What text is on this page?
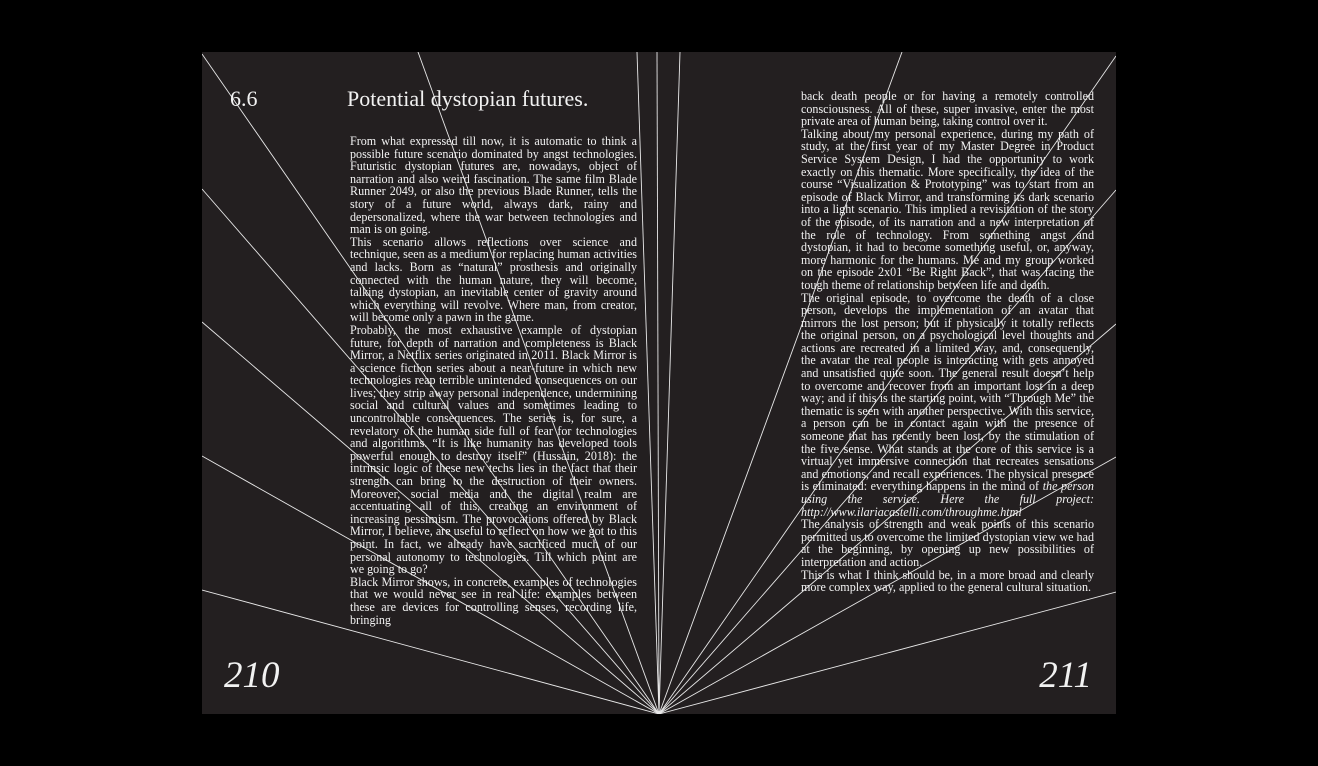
6.6	Potential dystopian futures.

From what expressed till now, it is automatic to think a possible future scenario dominated by angst technologies. Futuristic dystopian futures are, nowadays, object of narration and also weird fascination. The same film Blade Runner 2049, or also the previous Blade Runner, tells the story of a future world, always dark, rainy and depersonalized, where the war between technologies and man is on going.

This scenario allows reflections over science and technique, seen as a medium for replacing human activities and lacks. Born as “natural” prosthesis and originally connected with the human nature, they will become, talking dystopian, an inevitable center of gravity around which everything will revolve. Where man, from creator, will become only a pawn in the game.

Probably, the most exhaustive example of dystopian future, for depth of narration and completeness is Black Mirror, a Netflix series originated in 2011. Black Mirror is a science fiction series about a near-future in which new technologies reap terrible unintended consequences on our lives; they strip away personal independence, undermining social and cultural values and sometimes leading to uncontrollable consequences. The series is, for sure, a revelatory of the human side full of fear for technologies and algorithms. “It is like humanity has developed tools powerful enough to destroy itself” (Hussain, 2018): the intrinsic logic of these new techs lies in the fact that their strength can bring to the destruction of their owners. Moreover, social media and the digital realm are accentuating all of this, creating an environment of increasing pessimism. The provocations offered by Black Mirror, I believe, are useful to reflect on how we got to this point. In fact, we already have sacrificed much of our personal autonomy to technologies. Till which point are we going to go?

Black Mirror shows, in concrete, examples of technologies that we would never see in real life: examples between these are devices for controlling senses, recording life, bringing

210

back death people or for having a remotely controlled consciousness. All of these, super invasive, enter the most private area of human being, taking control over it.

Talking about my personal experience, during my path of study, at the first year of my Master Degree in Product Service System Design, I had the opportunity to work exactly on this thematic. More specifically, the idea of the course “Visualization & Prototyping” was to start from an episode of Black Mirror, and transforming its dark scenario into a light scenario. This implied a revisitation of the story of the episode, of its narration and a new interpretation of the role of technology. From something angst and dystopian, it had to become something useful, or, anyway, more harmonic for the humans. Me and my group worked on the episode 2x01 “Be Right Back”, that was facing the tough theme of relationship between life and death.

The original episode, to overcome the death of a close person, develops the implementation of an avatar that mirrors the lost person; but if physically it totally reflects the original person, on a psychological level thoughts and actions are recreated in a limited way, and, consequently, the avatar the real people is interacting with gets annoyed and unsatisfied quite soon. The general result doesn’t help to overcome and recover from an important lost in a deep way; and if this is the starting point, with “Through Me” the thematic is seen with another perspective. With this service, a person can be in contact again with the presence of someone that has recently been lost, by the stimulation of the five sense. What stands at the core of this service is a virtual yet immersive connection that recreates sensations and emotions, and recall experiences. The physical presence is eliminated: everything happens in the mind of the person using the service. Here the full project: http://www.ilariacastelli.com/throughme.html

The analysis of strength and weak points of this scenario permitted us to overcome the limited dystopian view we had at the beginning, by opening up new possibilities of interpretation and action.

This is what I think should be, in a more broad and clearly more complex way, applied to the general cultural situation.

211
